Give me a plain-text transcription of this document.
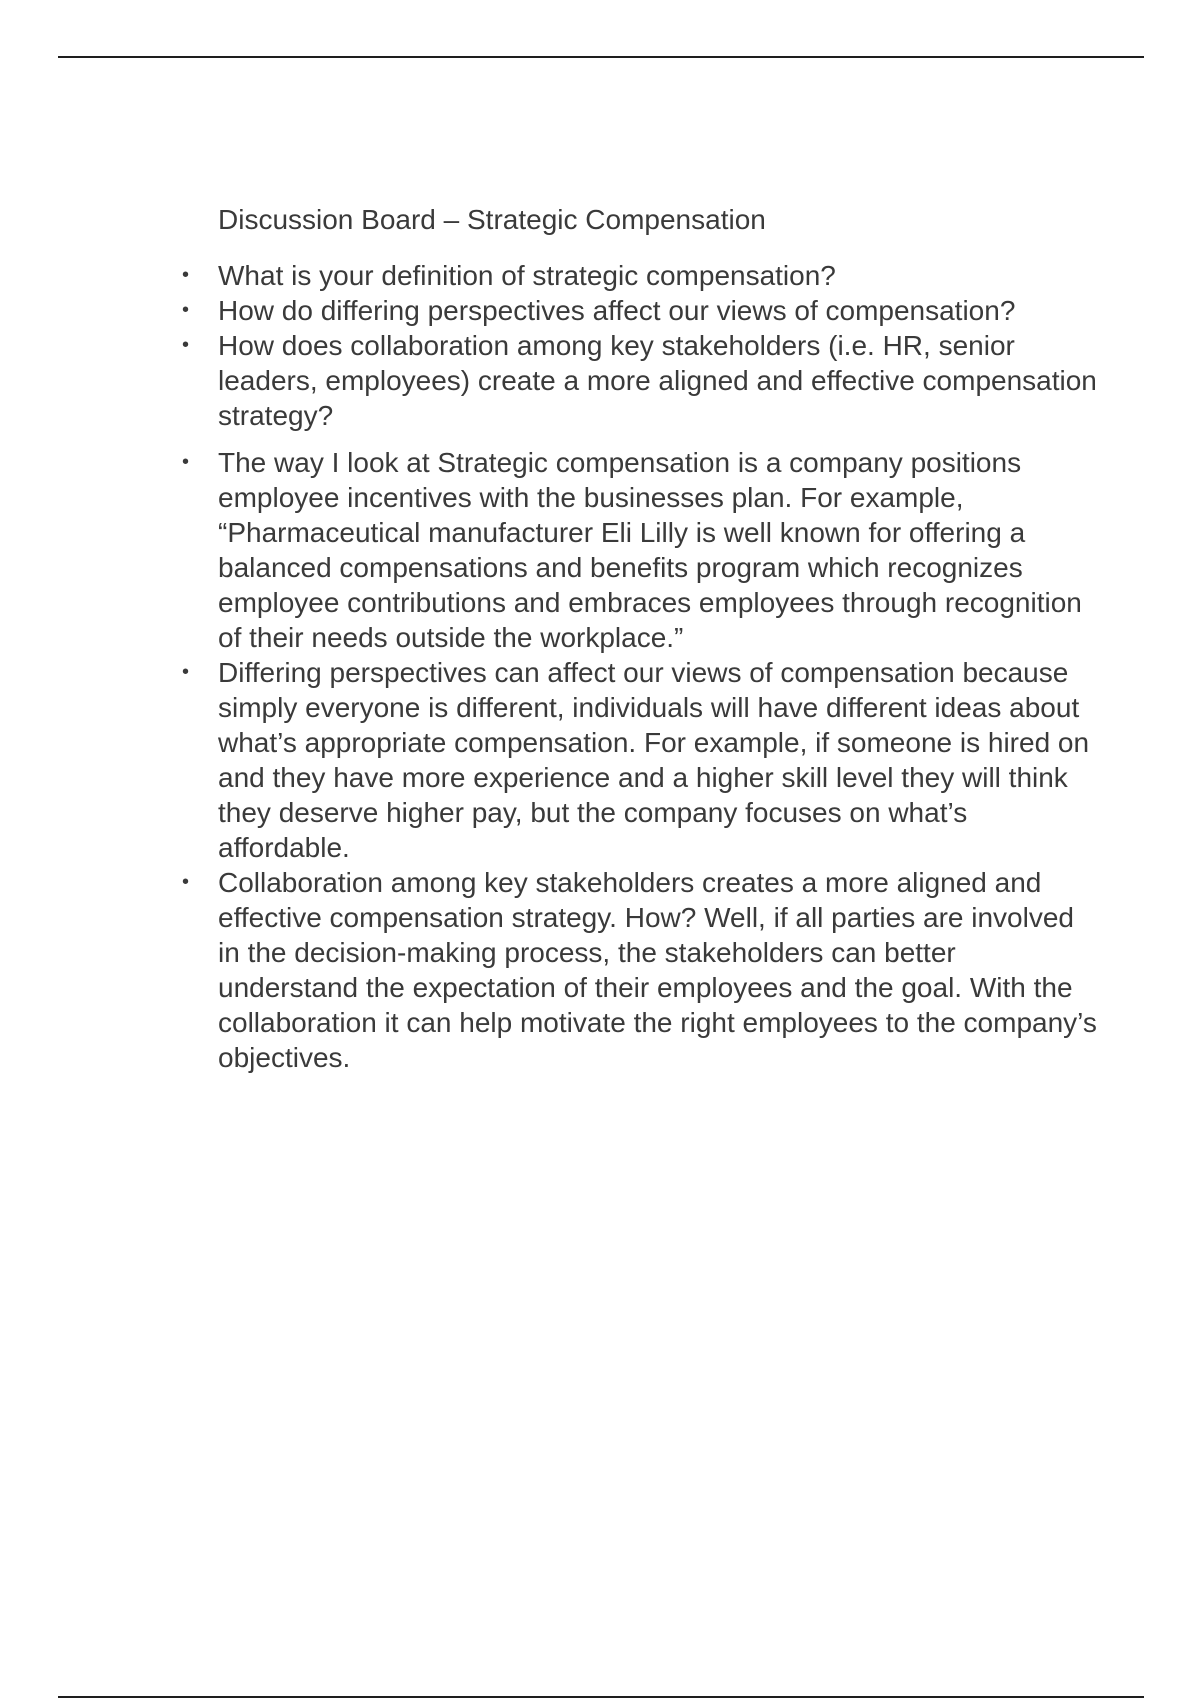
Discussion Board – Strategic Compensation
• What is your definition of strategic compensation?
• How do differing perspectives affect our views of compensation?
• How does collaboration among key stakeholders (i.e. HR, senior leaders, employees) create a more aligned and effective compensation strategy?
• The way I look at Strategic compensation is a company positions employee incentives with the businesses plan. For example, “Pharmaceutical manufacturer Eli Lilly is well known for offering a balanced compensations and benefits program which recognizes employee contributions and embraces employees through recognition of their needs outside the workplace.”
• Differing perspectives can affect our views of compensation because simply everyone is different, individuals will have different ideas about what’s appropriate compensation. For example, if someone is hired on and they have more experience and a higher skill level they will think they deserve higher pay, but the company focuses on what’s affordable.
• Collaboration among key stakeholders creates a more aligned and effective compensation strategy. How? Well, if all parties are involved in the decision-making process, the stakeholders can better understand the expectation of their employees and the goal. With the collaboration it can help motivate the right employees to the company’s objectives.
